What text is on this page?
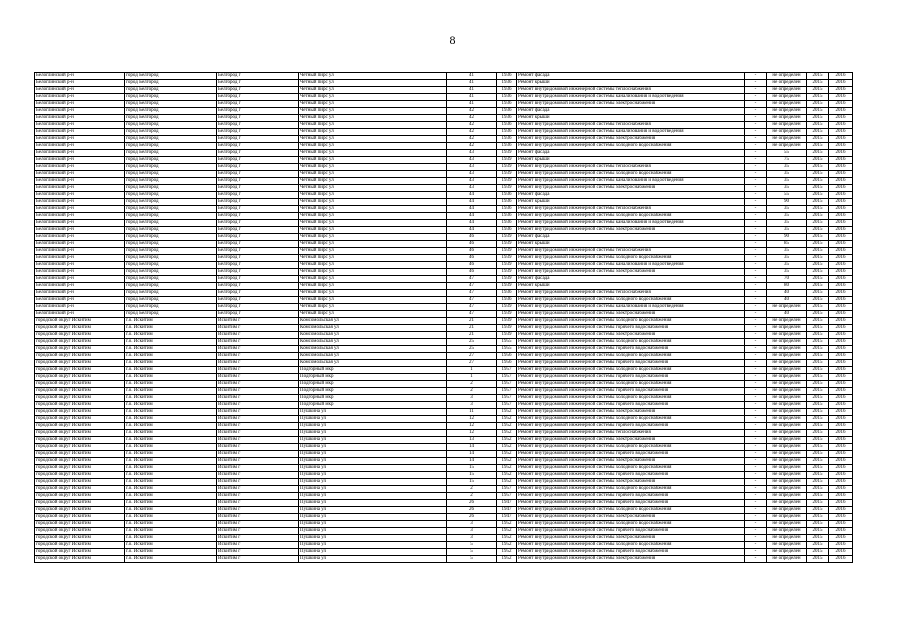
8
Белоглинский р-н	город Белгород	Белгород г	Четный пирс ул	41	1936	Ремонт фасада	-	не определен	2015	2016
Белоглинский р-н	город Белгород	Белгород г	Четный пирс ул	41	1936	Ремонт крыши	-	не определен	2015	2016
Белоглинский р-н	город Белгород	Белгород г	Четный пирс ул	41	1936	Ремонт внутридомовой инженерной системы теплоснабжения	-	не определен	2015	2016
Белоглинский р-н	город Белгород	Белгород г	Четный пирс ул	41	1936	Ремонт внутридомовой инженерной системы канализования и водоотведения	-	не определен	2015	2016
Белоглинский р-н	город Белгород	Белгород г	Четный пирс ул	41	1936	Ремонт внутридомовой инженерной системы электроснабжения	-	не определен	2015	2016
Белоглинский р-н	город Белгород	Белгород г	Четный пирс ул	42	1936	Ремонт фасада	-	не определен	2015	2016
Белоглинский р-н	город Белгород	Белгород г	Четный пирс ул	42	1936	Ремонт крыши	-	не определен	2015	2016
Белоглинский р-н	город Белгород	Белгород г	Четный пирс ул	42	1936	Ремонт внутридомовой инженерной системы теплоснабжения	-	не определен	2015	2016
Белоглинский р-н	город Белгород	Белгород г	Четный пирс ул	42	1936	Ремонт внутридомовой инженерной системы канализования и водоотведения	-	не определен	2015	2016
Белоглинский р-н	город Белгород	Белгород г	Четный пирс ул	42	1936	Ремонт внутридомовой инженерной системы электроснабжения	-	не определен	2015	2016
Белоглинский р-н	город Белгород	Белгород г	Четный пирс ул	42	1936	Ремонт внутридомовой инженерной системы холодного водоснабжения	-	не определен	2015	2016
Белоглинский р-н	город Белгород	Белгород г	Четный пирс ул	43	1939	Ремонт фасада	-	55	2015	2016
Белоглинский р-н	город Белгород	Белгород г	Четный пирс ул	43	1939	Ремонт крыши	-	75	2015	2016
Белоглинский р-н	город Белгород	Белгород г	Четный пирс ул	43	1939	Ремонт внутридомовой инженерной системы теплоснабжения	-	35	2015	2016
Белоглинский р-н	город Белгород	Белгород г	Четный пирс ул	43	1939	Ремонт внутридомовой инженерной системы холодного водоснабжения	-	35	2015	2016
Белоглинский р-н	город Белгород	Белгород г	Четный пирс ул	43	1939	Ремонт внутридомовой инженерной системы канализования и водоотведения	-	35	2015	2016
Белоглинский р-н	город Белгород	Белгород г	Четный пирс ул	43	1939	Ремонт внутридомовой инженерной системы электроснабжения	-	35	2015	2016
Белоглинский р-н	город Белгород	Белгород г	Четный пирс ул	44	1936	Ремонт фасада	-	55	2015	2016
Белоглинский р-н	город Белгород	Белгород г	Четный пирс ул	44	1936	Ремонт крыши	-	90	2015	2016
Белоглинский р-н	город Белгород	Белгород г	Четный пирс ул	44	1936	Ремонт внутридомовой инженерной системы теплоснабжения	-	35	2015	2016
Белоглинский р-н	город Белгород	Белгород г	Четный пирс ул	44	1936	Ремонт внутридомовой инженерной системы холодного водоснабжения	-	35	2015	2016
Белоглинский р-н	город Белгород	Белгород г	Четный пирс ул	44	1936	Ремонт внутридомовой инженерной системы канализования и водоотведения	-	35	2015	2016
Белоглинский р-н	город Белгород	Белгород г	Четный пирс ул	44	1936	Ремонт внутридомовой инженерной системы электроснабжения	-	35	2015	2016
Белоглинский р-н	город Белгород	Белгород г	Четный пирс ул	46	1939	Ремонт фасада	-	90	2015	2016
Белоглинский р-н	город Белгород	Белгород г	Четный пирс ул	46	1939	Ремонт крыши	-	85	2015	2016
Белоглинский р-н	город Белгород	Белгород г	Четный пирс ул	46	1939	Ремонт внутридомовой инженерной системы теплоснабжения	-	35	2015	2016
Белоглинский р-н	город Белгород	Белгород г	Четный пирс ул	46	1939	Ремонт внутридомовой инженерной системы холодного водоснабжения	-	35	2015	2016
Белоглинский р-н	город Белгород	Белгород г	Четный пирс ул	46	1939	Ремонт внутридомовой инженерной системы канализования и водоотведения	-	35	2015	2016
Белоглинский р-н	город Белгород	Белгород г	Четный пирс ул	46	1939	Ремонт внутридомовой инженерной системы электроснабжения	-	35	2015	2016
Белоглинский р-н	город Белгород	Белгород г	Четный пирс ул	47	1939	Ремонт фасада	-	70	2015	2016
Белоглинский р-н	город Белгород	Белгород г	Четный пирс ул	47	1939	Ремонт крыши	-	80	2015	2016
Белоглинский р-н	город Белгород	Белгород г	Четный пирс ул	47	1936	Ремонт внутридомовой инженерной системы теплоснабжения	-	40	2015	2016
Белоглинский р-н	город Белгород	Белгород г	Четный пирс ул	47	1936	Ремонт внутридомовой инженерной системы холодного водоснабжения	-	40	2015	2016
Белоглинский р-н	город Белгород	Белгород г	Четный пирс ул	47	1939	Ремонт внутридомовой инженерной системы канализования и водоотведения	-	не определен	2015	2016
Белоглинский р-н	город Белгород	Белгород г	Четный пирс ул	47	1939	Ремонт внутридомовой инженерной системы электроснабжения	-	40	2015	2016
городской округ Искитим	г.о. Искитим	Искитим г	Комсомольская ул	21	1939	Ремонт внутридомовой инженерной системы холодного водоснабжения	-	не определен	2015	2016
городской округ Искитим	г.о. Искитим	Искитим г	Комсомольская ул	21	1939	Ремонт внутридомовой инженерной системы горячего водоснабжения	-	не определен	2015	2016
городской округ Искитим	г.о. Искитим	Искитим г	Комсомольская ул	21	1939	Ремонт внутридомовой инженерной системы электроснабжения	-	не определен	2015	2016
городской округ Искитим	г.о. Искитим	Искитим г	Комсомольская ул	25	1955	Ремонт внутридомовой инженерной системы холодного водоснабжения	-	не определен	2015	2016
городской округ Искитим	г.о. Искитим	Искитим г	Комсомольская ул	25	1955	Ремонт внутридомовой инженерной системы горячего водоснабжения	-	не определен	2015	2016
городской округ Искитим	г.о. Искитим	Искитим г	Комсомольская ул	27	1956	Ремонт внутридомовой инженерной системы холодного водоснабжения	-	не определен	2015	2016
городской округ Искитим	г.о. Искитим	Искитим г	Комсомольская ул	27	1956	Ремонт внутридомовой инженерной системы горячего водоснабжения	-	не определен	2015	2016
городской округ Искитим	г.о. Искитим	Искитим г	Подгорный мкр	1	1957	Ремонт внутридомовой инженерной системы холодного водоснабжения	-	не определен	2015	2016
городской округ Искитим	г.о. Искитим	Искитим г	Подгорный мкр	1	1957	Ремонт внутридомовой инженерной системы горячего водоснабжения	-	не определен	2015	2016
городской округ Искитим	г.о. Искитим	Искитим г	Подгорный мкр	2	1957	Ремонт внутридомовой инженерной системы холодного водоснабжения	-	не определен	2015	2016
городской округ Искитим	г.о. Искитим	Искитим г	Подгорный мкр	2	1957	Ремонт внутридомовой инженерной системы горячего водоснабжения	-	не определен	2015	2016
городской округ Искитим	г.о. Искитим	Искитим г	Подгорный мкр	3	1957	Ремонт внутридомовой инженерной системы холодного водоснабжения	-	не определен	2015	2016
городской округ Искитим	г.о. Искитим	Искитим г	Подгорный мкр	3	1957	Ремонт внутридомовой инженерной системы горячего водоснабжения	-	не определен	2015	2016
городской округ Искитим	г.о. Искитим	Искитим г	Пушкина ул	11	1952	Ремонт внутридомовой инженерной системы электроснабжения	-	не определен	2015	2016
городской округ Искитим	г.о. Искитим	Искитим г	Пушкина ул	12	1952	Ремонт внутридомовой инженерной системы холодного водоснабжения	-	не определен	2015	2016
городской округ Искитим	г.о. Искитим	Искитим г	Пушкина ул	12	1952	Ремонт внутридомовой инженерной системы горячего водоснабжения	-	не определен	2015	2016
городской округ Искитим	г.о. Искитим	Искитим г	Пушкина ул	12	1952	Ремонт внутридомовой инженерной системы теплоснабжения	-	не определен	2015	2016
городской округ Искитим	г.о. Искитим	Искитим г	Пушкина ул	13	1952	Ремонт внутридомовой инженерной системы электроснабжения	-	не определен	2015	2016
городской округ Искитим	г.о. Искитим	Искитим г	Пушкина ул	14	1952	Ремонт внутридомовой инженерной системы холодного водоснабжения	-	не определен	2015	2016
городской округ Искитим	г.о. Искитим	Искитим г	Пушкина ул	14	1952	Ремонт внутридомовой инженерной системы горячего водоснабжения	-	не определен	2015	2016
городской округ Искитим	г.о. Искитим	Искитим г	Пушкина ул	14	1952	Ремонт внутридомовой инженерной системы электроснабжения	-	не определен	2015	2016
городской округ Искитим	г.о. Искитим	Искитим г	Пушкина ул	15	1952	Ремонт внутридомовой инженерной системы холодного водоснабжения	-	не определен	2015	2016
городской округ Искитим	г.о. Искитим	Искитим г	Пушкина ул	15	1952	Ремонт внутридомовой инженерной системы горячего водоснабжения	-	не определен	2015	2016
городской округ Искитим	г.о. Искитим	Искитим г	Пушкина ул	15	1952	Ремонт внутридомовой инженерной системы электроснабжения	-	не определен	2015	2016
городской округ Искитим	г.о. Искитим	Искитим г	Пушкина ул	2	1957	Ремонт внутридомовой инженерной системы холодного водоснабжения	-	не определен	2015	2016
городской округ Искитим	г.о. Искитим	Искитим г	Пушкина ул	2	1957	Ремонт внутридомовой инженерной системы горячего водоснабжения	-	не определен	2015	2016
городской округ Искитим	г.о. Искитим	Искитим г	Пушкина ул	26	1947	Ремонт внутридомовой инженерной системы горячего водоснабжения	-	не определен	2015	2016
городской округ Искитим	г.о. Искитим	Искитим г	Пушкина ул	26	1947	Ремонт внутридомовой инженерной системы холодного водоснабжения	-	не определен	2015	2016
городской округ Искитим	г.о. Искитим	Искитим г	Пушкина ул	26	1947	Ремонт внутридомовой инженерной системы электроснабжения	-	не определен	2015	2016
городской округ Искитим	г.о. Искитим	Искитим г	Пушкина ул	3	1952	Ремонт внутридомовой инженерной системы холодного водоснабжения	-	не определен	2015	2016
городской округ Искитим	г.о. Искитим	Искитим г	Пушкина ул	3	1952	Ремонт внутридомовой инженерной системы горячего водоснабжения	-	не определен	2015	2016
городской округ Искитим	г.о. Искитим	Искитим г	Пушкина ул	3	1952	Ремонт внутридомовой инженерной системы электроснабжения	-	не определен	2015	2016
городской округ Искитим	г.о. Искитим	Искитим г	Пушкина ул	5	1952	Ремонт внутридомовой инженерной системы холодного водоснабжения	-	не определен	2015	2016
городской округ Искитим	г.о. Искитим	Искитим г	Пушкина ул	5	1952	Ремонт внутридомовой инженерной системы горячего водоснабжения	-	не определен	2015	2016
городской округ Искитим	г.о. Искитим	Искитим г	Пушкина ул	5	1952	Ремонт внутридомовой инженерной системы электроснабжения	-	не определен	2015	2016
